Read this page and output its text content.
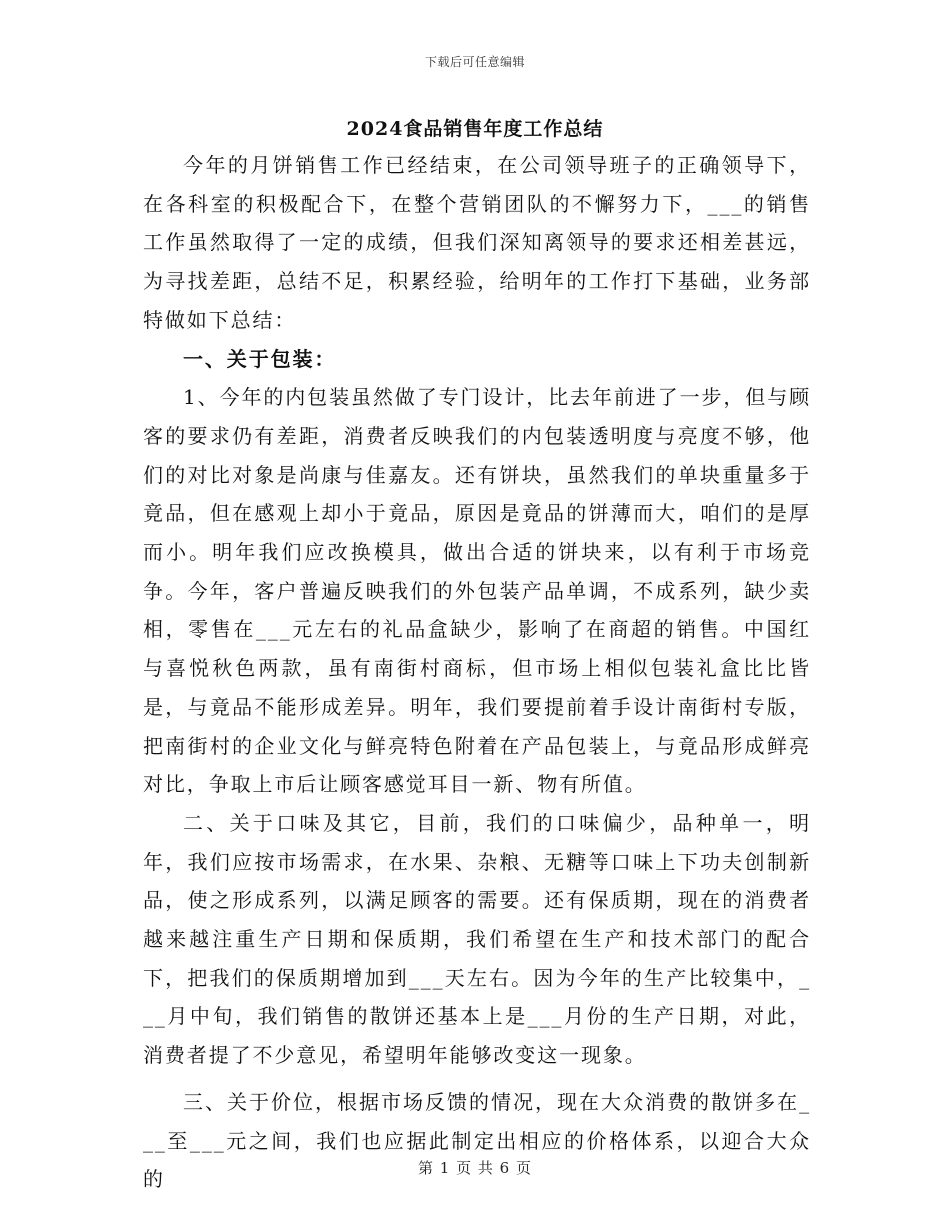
下载后可任意编辑
2024食品销售年度工作总结

今年的月饼销售工作已经结束，在公司领导班子的正确领导下，在各科室的积极配合下，在整个营销团队的不懈努力下，___的销售工作虽然取得了一定的成绩，但我们深知离领导的要求还相差甚远，为寻找差距，总结不足，积累经验，给明年的工作打下基础，业务部特做如下总结：

一、关于包装：

1、今年的内包装虽然做了专门设计，比去年前进了一步，但与顾客的要求仍有差距，消费者反映我们的内包装透明度与亮度不够，他们的对比对象是尚康与佳嘉友。还有饼块，虽然我们的单块重量多于竟品，但在感观上却小于竟品，原因是竟品的饼薄而大，咱们的是厚而小。明年我们应改换模具，做出合适的饼块来，以有利于市场竞争。今年，客户普遍反映我们的外包装产品单调，不成系列，缺少卖相，零售在___元左右的礼品盒缺少，影响了在商超的销售。中国红与喜悦秋色两款，虽有南街村商标，但市场上相似包装礼盒比比皆是，与竟品不能形成差异。明年，我们要提前着手设计南街村专版，把南街村的企业文化与鲜亮特色附着在产品包装上，与竟品形成鲜亮对比，争取上市后让顾客感觉耳目一新、物有所值。

二、关于口味及其它，目前，我们的口味偏少，品种单一，明年，我们应按市场需求，在水果、杂粮、无糖等口味上下功夫创制新品，使之形成系列，以满足顾客的需要。还有保质期，现在的消费者越来越注重生产日期和保质期，我们希望在生产和技术部门的配合下，把我们的保质期增加到___天左右。因为今年的生产比较集中，___月中旬，我们销售的散饼还基本上是___月份的生产日期，对此，消费者提了不少意见，希望明年能够改变这一现象。

三、关于价位，根据市场反馈的情况，现在大众消费的散饼多在___至___元之间，我们也应据此制定出相应的价格体系，以迎合大众的	第 1 页 共 6 页
